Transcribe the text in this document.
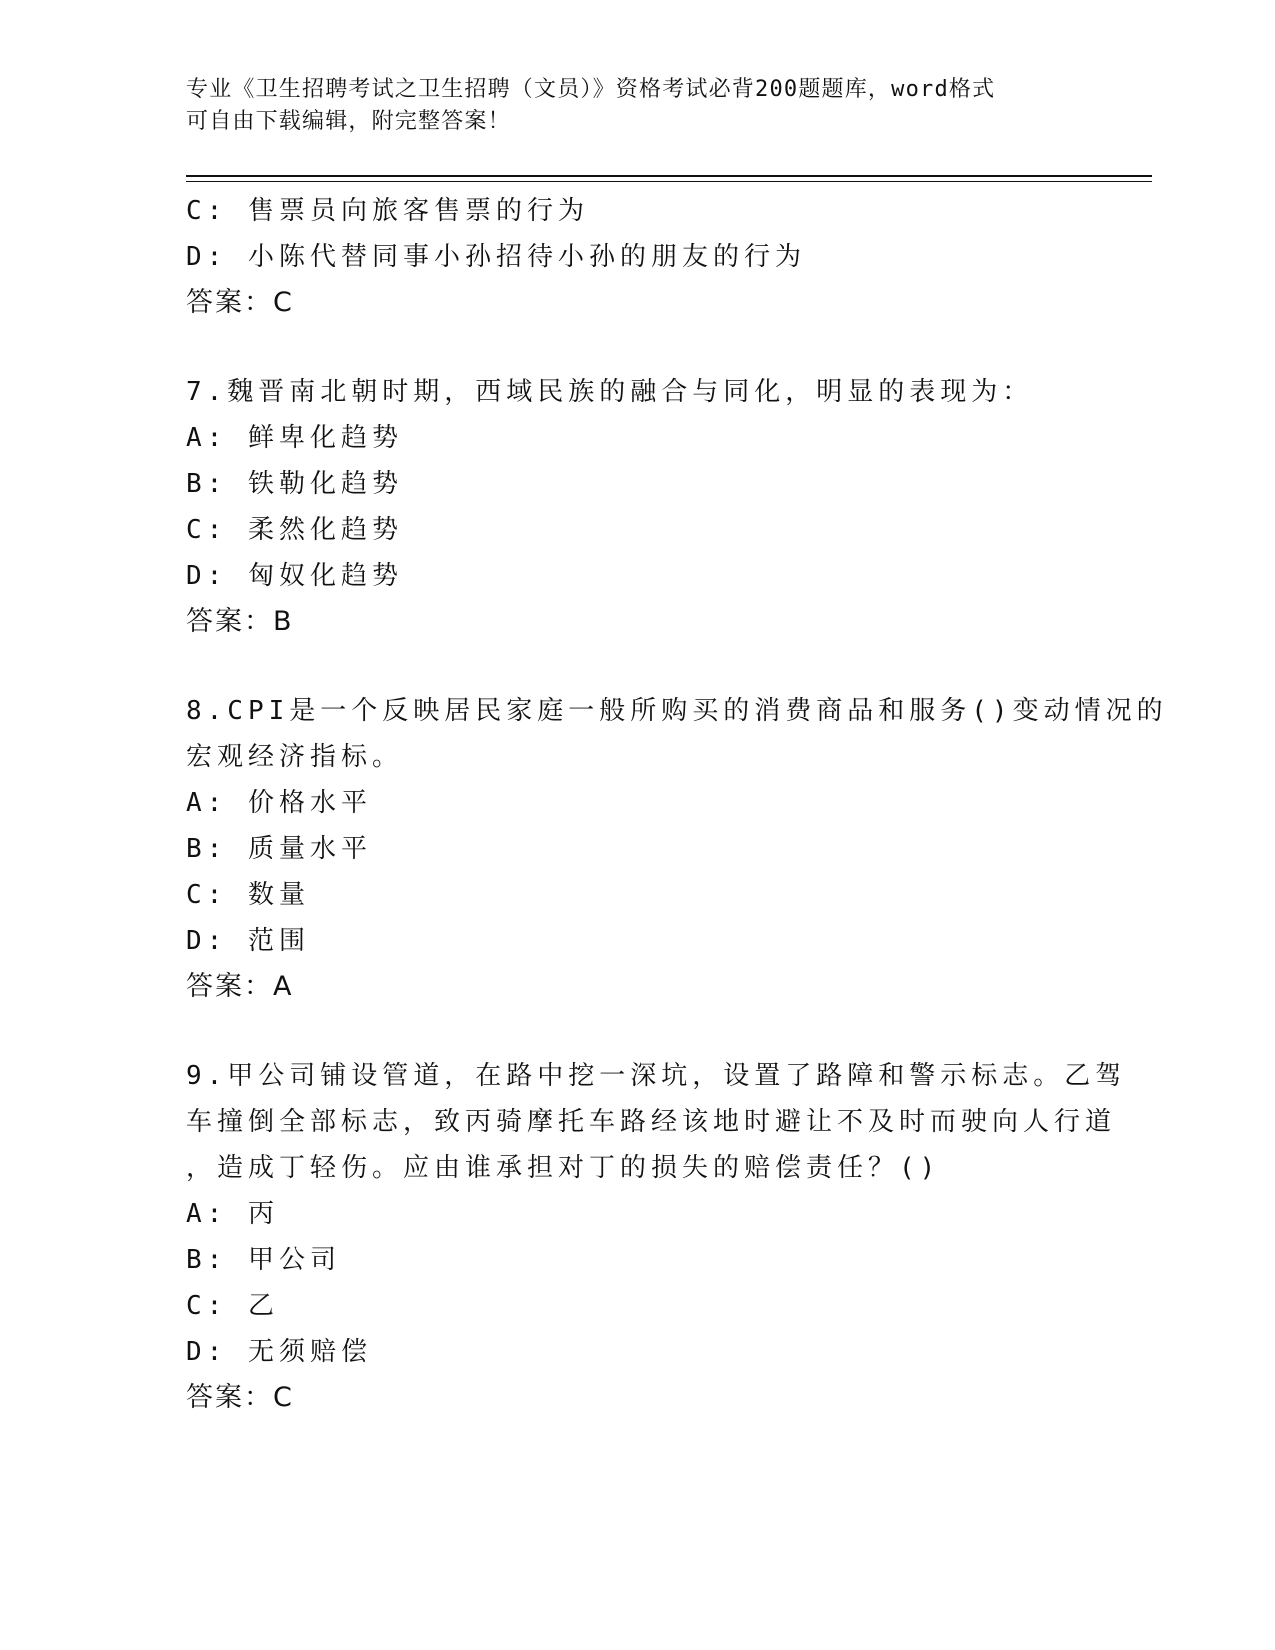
专业《卫生招聘考试之卫生招聘（文员）》资格考试必背200题题库，word格式
可自由下载编辑，附完整答案！
C: 售票员向旅客售票的行为
D: 小陈代替同事小孙招待小孙的朋友的行为
答案：C
7.魏晋南北朝时期，西域民族的融合与同化，明显的表现为：
A: 鲜卑化趋势
B: 铁勒化趋势
C: 柔然化趋势
D: 匈奴化趋势
答案：B
8.CPI是一个反映居民家庭一般所购买的消费商品和服务()变动情况的
宏观经济指标。
A: 价格水平
B: 质量水平
C: 数量
D: 范围
答案：A
9.甲公司铺设管道，在路中挖一深坑，设置了路障和警示标志。乙驾
车撞倒全部标志，致丙骑摩托车路经该地时避让不及时而驶向人行道
，造成丁轻伤。应由谁承担对丁的损失的赔偿责任？()
A: 丙
B: 甲公司
C: 乙
D: 无须赔偿
答案：C
